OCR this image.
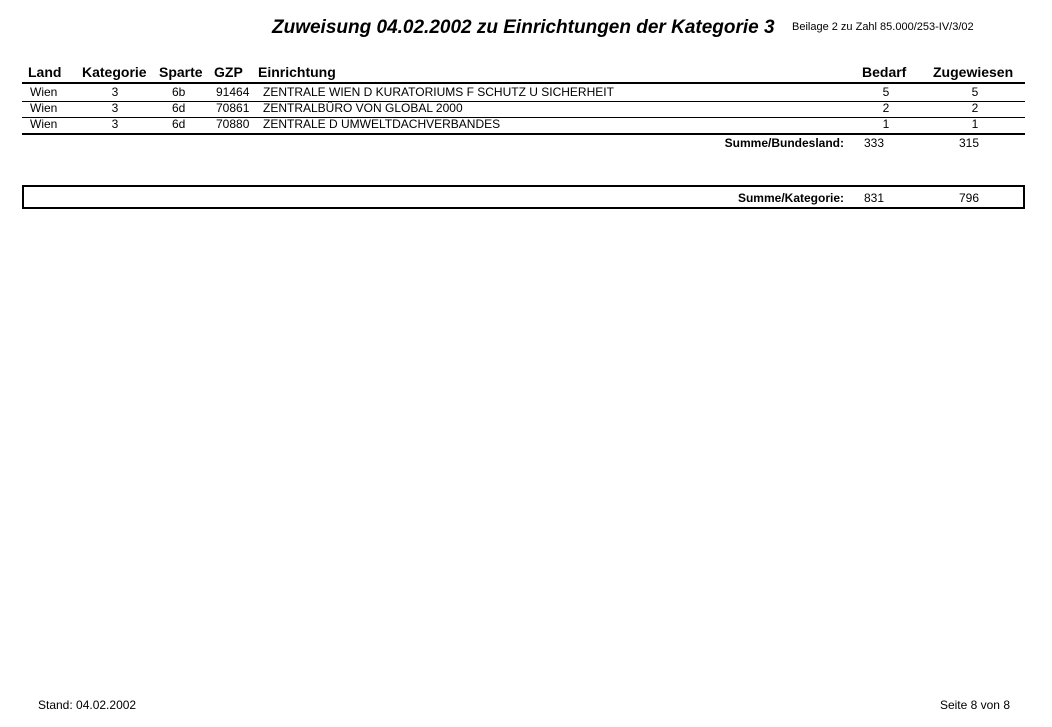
Zuweisung 04.02.2002 zu Einrichtungen der Kategorie 3 Beilage 2 zu Zahl 85.000/253-IV/3/02
Land Kategorie Sparte GZP Einrichtung	Bedarf Zugewiesen
Wien	3	6b	91464 ZENTRALE WIEN D KURATORIUMS F SCHUTZ U SICHERHEIT	5	5
Wien	3	6d	70861 ZENTRALBÜRO VON GLOBAL 2000	2	2
Wien	3	6d	70880 ZENTRALE D UMWELTDACHVERBANDES	1	1
Summe/Bundesland:	333	315
Summe/Kategorie:	831	796
Stand: 04.02.2002	Seite 8 von 8
